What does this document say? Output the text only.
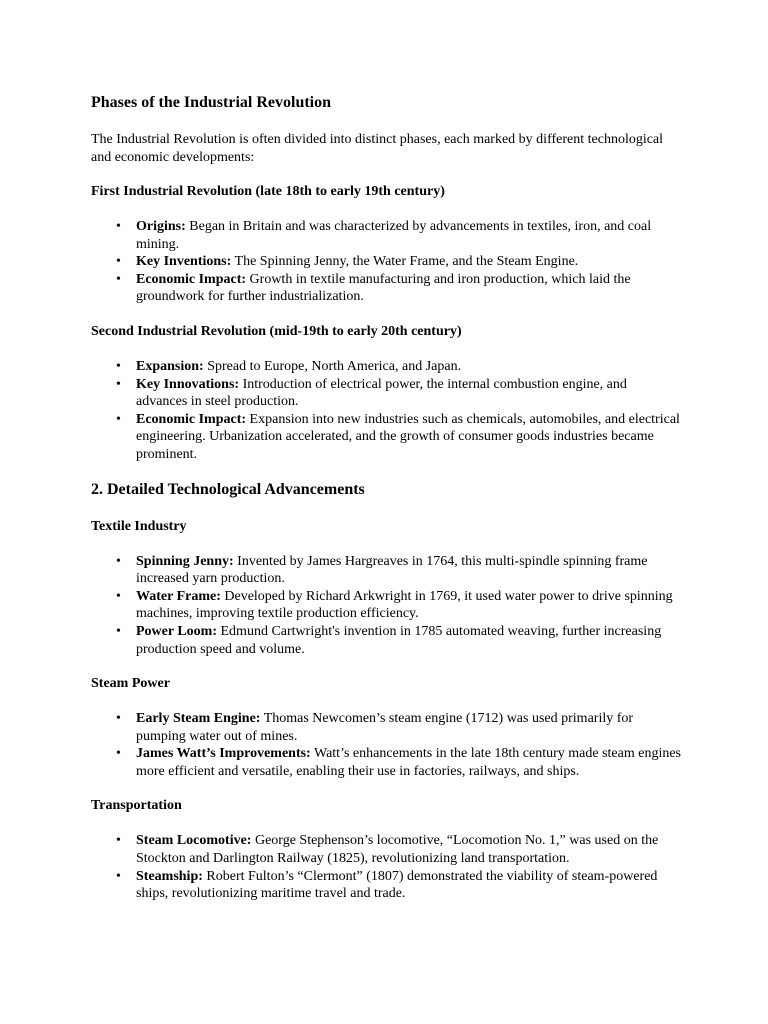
Phases of the Industrial Revolution

The Industrial Revolution is often divided into distinct phases, each marked by different technological and economic developments:

First Industrial Revolution (late 18th to early 19th century)
• Origins: Began in Britain and was characterized by advancements in textiles, iron, and coal mining.
• Key Inventions: The Spinning Jenny, the Water Frame, and the Steam Engine.
• Economic Impact: Growth in textile manufacturing and iron production, which laid the groundwork for further industrialization.
Second Industrial Revolution (mid-19th to early 20th century)
• Expansion: Spread to Europe, North America, and Japan.
• Key Innovations: Introduction of electrical power, the internal combustion engine, and advances in steel production.
• Economic Impact: Expansion into new industries such as chemicals, automobiles, and electrical engineering. Urbanization accelerated, and the growth of consumer goods industries became prominent.
2. Detailed Technological Advancements
Textile Industry
• Spinning Jenny: Invented by James Hargreaves in 1764, this multi-spindle spinning frame increased yarn production.
• Water Frame: Developed by Richard Arkwright in 1769, it used water power to drive spinning machines, improving textile production efficiency.
• Power Loom: Edmund Cartwright's invention in 1785 automated weaving, further increasing production speed and volume.
Steam Power
• Early Steam Engine: Thomas Newcomen’s steam engine (1712) was used primarily for pumping water out of mines.
• James Watt’s Improvements: Watt’s enhancements in the late 18th century made steam engines more efficient and versatile, enabling their use in factories, railways, and ships.
Transportation
• Steam Locomotive: George Stephenson’s locomotive, “Locomotion No. 1,” was used on the Stockton and Darlington Railway (1825), revolutionizing land transportation.
• Steamship: Robert Fulton’s “Clermont” (1807) demonstrated the viability of steam-powered ships, revolutionizing maritime travel and trade.
